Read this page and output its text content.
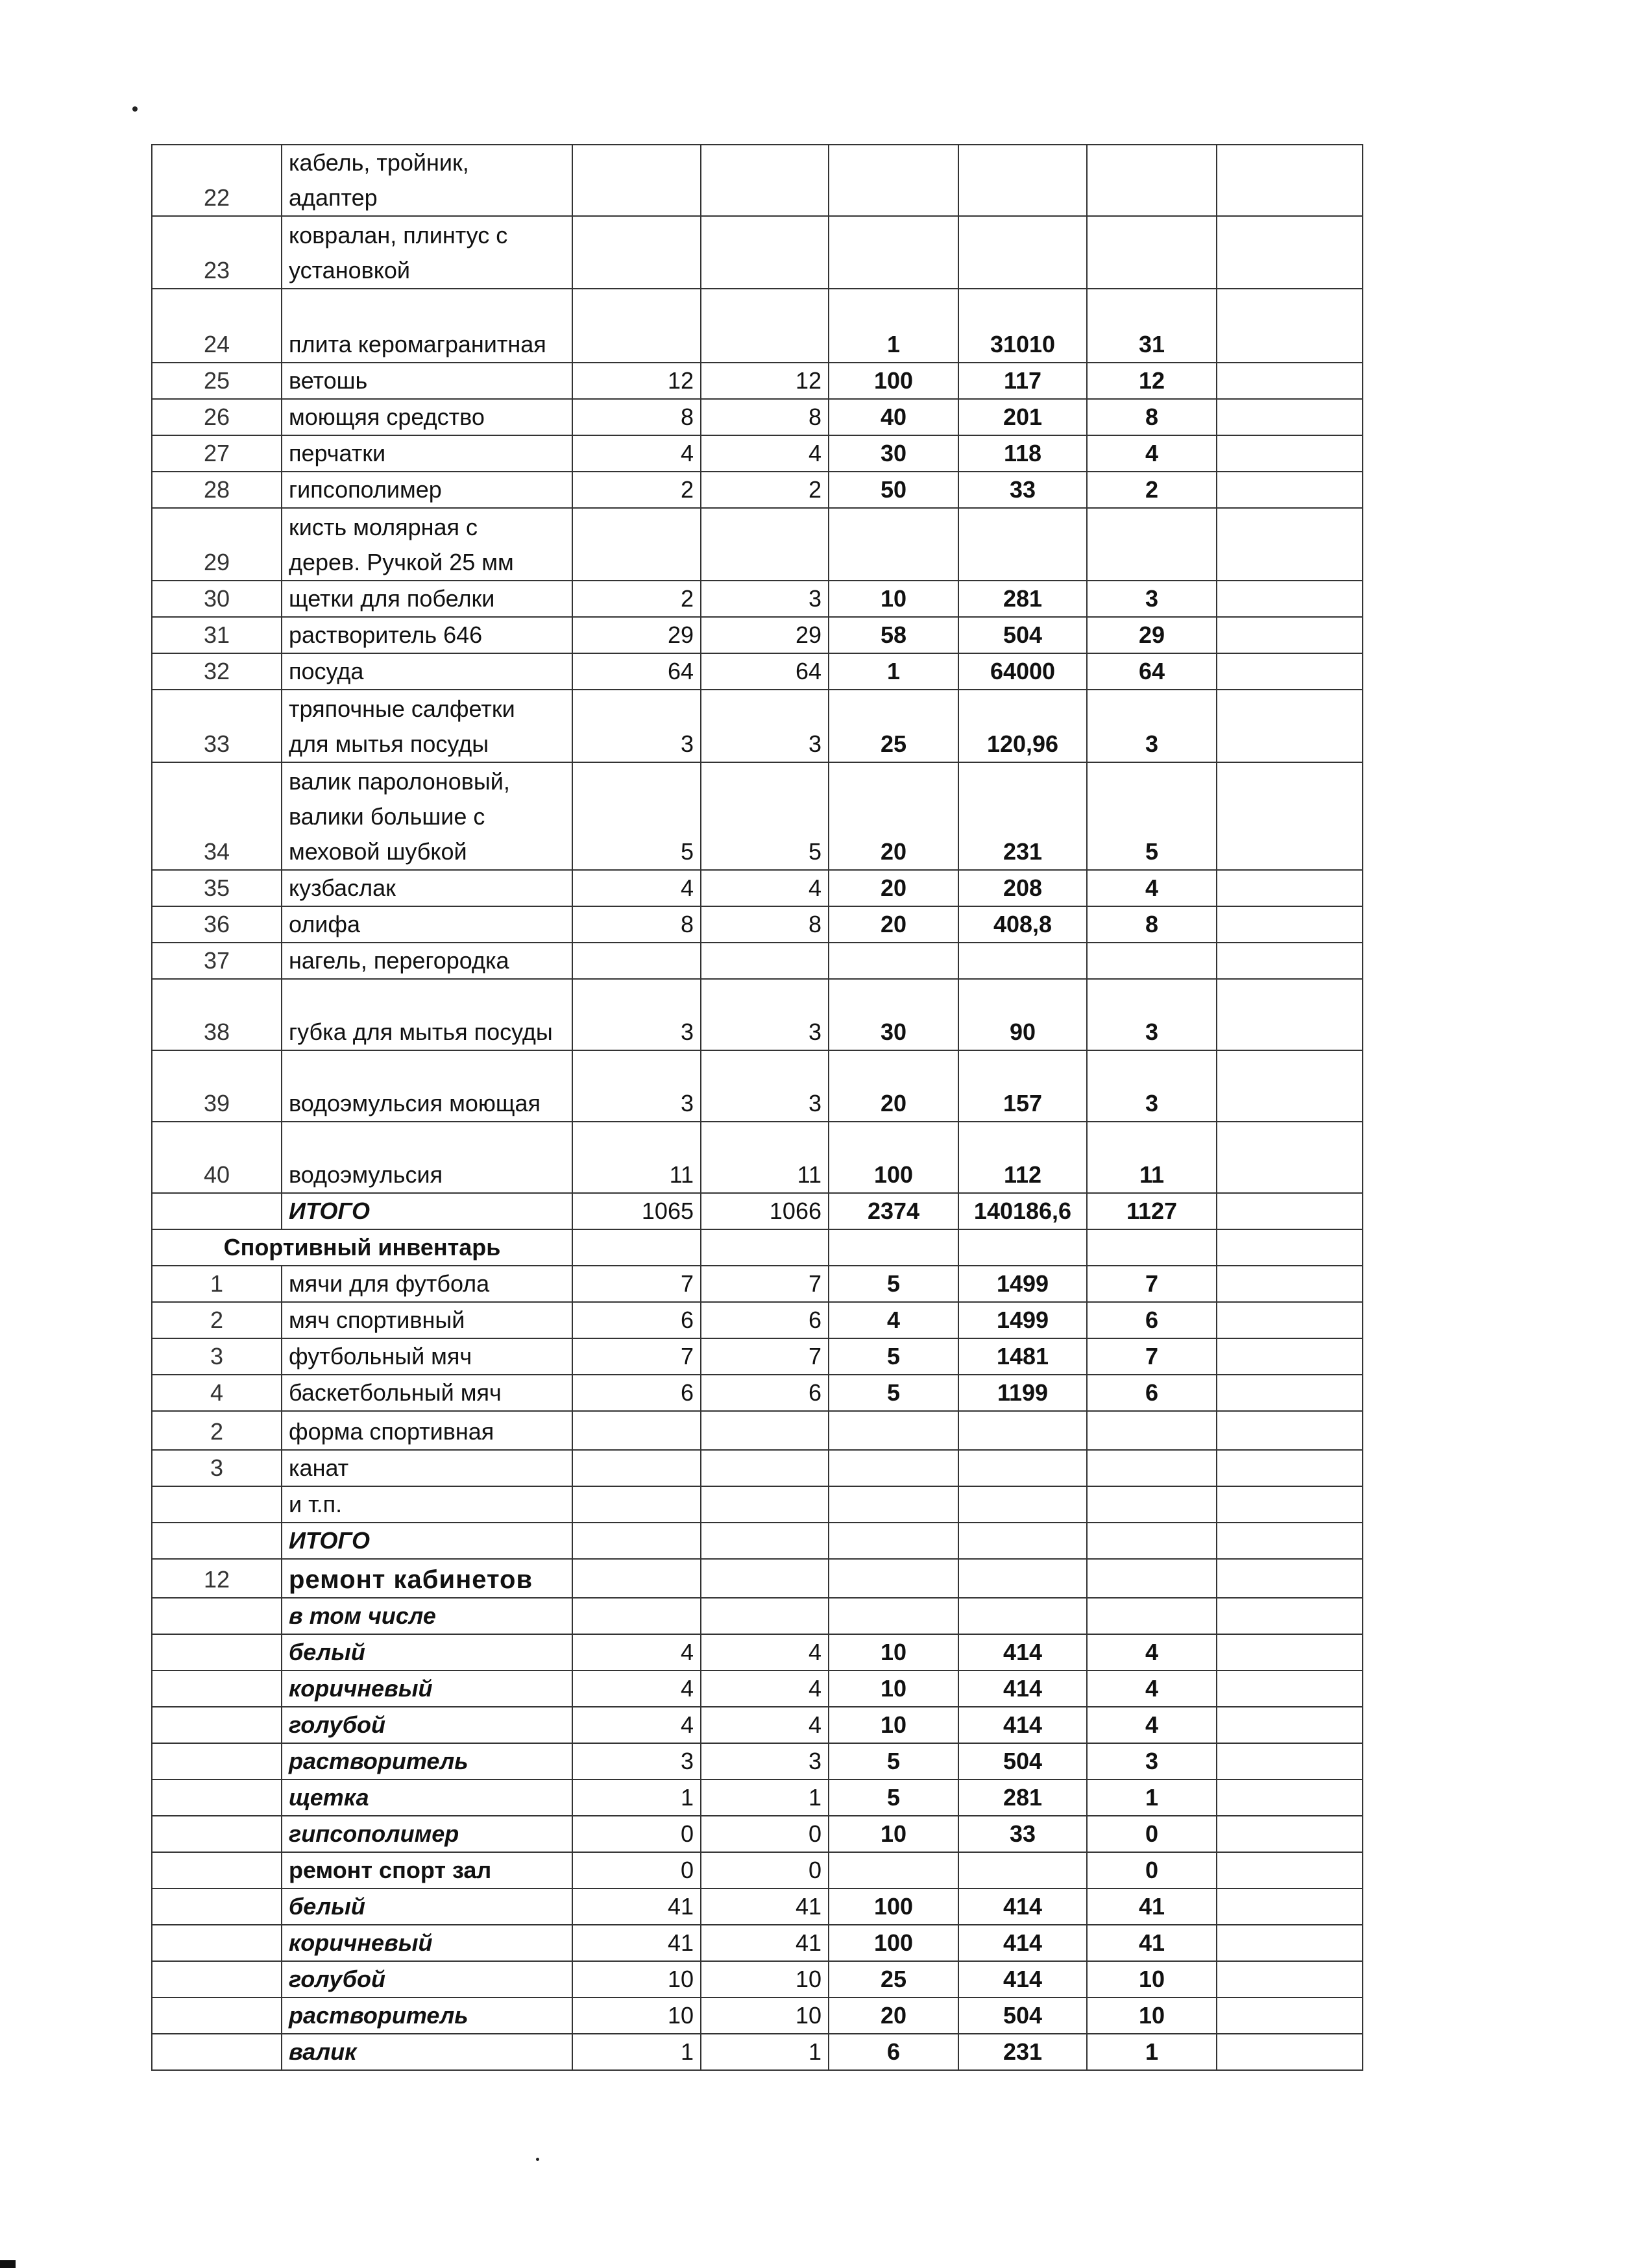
22	кабель, тройник,
адаптер						
23	ковралан, плинтус с
установкой						
24	плита керомагранитная			1	31010	31	
25	ветошь	12	12	100	117	12	
26	моющяя средство	8	8	40	201	8	
27	перчатки	4	4	30	118	4	
28	гипсополимер	2	2	50	33	2	
29	кисть молярная с
дерев. Ручкой 25 мм						
30	щетки для побелки	2	3	10	281	3	
31	растворитель 646	29	29	58	504	29	
32	посуда	64	64	1	64000	64	
33	тряпочные салфетки
для мытья посуды	3	3	25	120,96	3	
34	валик паролоновый,
валики большие с
меховой шубкой	5	5	20	231	5	
35	кузбаслак	4	4	20	208	4	
36	олифа	8	8	20	408,8	8	
37	нагель, перегородка						
38	губка для мытья посуды	3	3	30	90	3	
39	водоэмульсия моющая	3	3	20	157	3	
40	водоэмульсия	11	11	100	112	11	
	ИТОГО	1065	1066	2374	140186,6	1127	
Спортивный инвентарь							
1	мячи для футбола	7	7	5	1499	7	
2	мяч спортивный	6	6	4	1499	6	
3	футбольный мяч	7	7	5	1481	7	
4	баскетбольный мяч	6	6	5	1199	6	
2	форма спортивная						
3	канат						
	и т.п.						
	ИТОГО						
12	ремонт кабинетов						
	в том числе						
	белый	4	4	10	414	4	
	коричневый	4	4	10	414	4	
	голубой	4	4	10	414	4	
	растворитель	3	3	5	504	3	
	щетка	1	1	5	281	1	
	гипсополимер	0	0	10	33	0	
	ремонт спорт зал	0	0			0	
	белый	41	41	100	414	41	
	коричневый	41	41	100	414	41	
	голубой	10	10	25	414	10	
	растворитель	10	10	20	504	10	
	валик	1	1	6	231	1	
